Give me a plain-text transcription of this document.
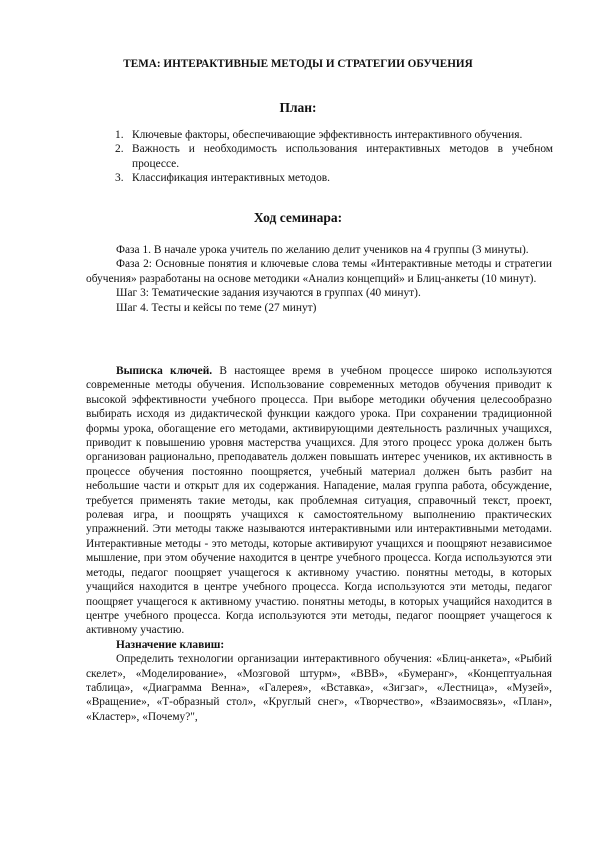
ТЕМА: ИНТЕРАКТИВНЫЕ МЕТОДЫ И СТРАТЕГИИ ОБУЧЕНИЯ
План:
1. Ключевые факторы, обеспечивающие эффективность интерактивного обучения.
2. Важность и необходимость использования интерактивных методов в учебном процессе.
3. Классификация интерактивных методов.
Ход семинара:

Фаза 1. В начале урока учитель по желанию делит учеников на 4 группы (3 минуты).

Фаза 2: Основные понятия и ключевые слова темы «Интерактивные методы и стратегии обучения» разработаны на основе методики «Анализ концепций» и Блиц-анкеты (10 минут).

Шаг 3: Тематические задания изучаются в группах (40 минут).

Шаг 4. Тесты и кейсы по теме (27 минут)

Выписка ключей. В настоящее время в учебном процессе широко используются современные методы обучения. Использование современных методов обучения приводит к высокой эффективности учебного процесса. При выборе методики обучения целесообразно выбирать исходя из дидактической функции каждого урока. При сохранении традиционной формы урока, обогащение его методами, активирующими деятельность различных учащихся, приводит к повышению уровня мастерства учащихся. Для этого процесс урока должен быть организован рационально, преподаватель должен повышать интерес учеников, их активность в процессе обучения постоянно поощряется, учебный материал должен быть разбит на небольшие части и открыт для их содержания. Нападение, малая группа работа, обсуждение, требуется применять такие методы, как проблемная ситуация, справочный текст, проект, ролевая игра, и поощрять учащихся к самостоятельному выполнению практических упражнений. Эти методы также называются интерактивными или интерактивными методами. Интерактивные методы - это методы, которые активируют учащихся и поощряют независимое мышление, при этом обучение находится в центре учебного процесса. Когда используются эти методы, педагог поощряет учащегося к активному участию. понятны методы, в которых учащийся находится в центре учебного процесса. Когда используются эти методы, педагог поощряет учащегося к активному участию. понятны методы, в которых учащийся находится в центре учебного процесса. Когда используются эти методы, педагог поощряет учащегося к активному участию.

Назначение клавиш:

Определить технологии организации интерактивного обучения: «Блиц-анкета», «Рыбий скелет», «Моделирование», «Мозговой штурм», «ВВВ», «Бумеранг», «Концептуальная таблица», «Диаграмма Венна», «Галерея», «Вставка», «Зигзаг», «Лестница», «Музей», «Вращение», «Т-образный стол», «Круглый снег», «Творчество», «Взаимосвязь», «План», «Кластер», «Почему?",
